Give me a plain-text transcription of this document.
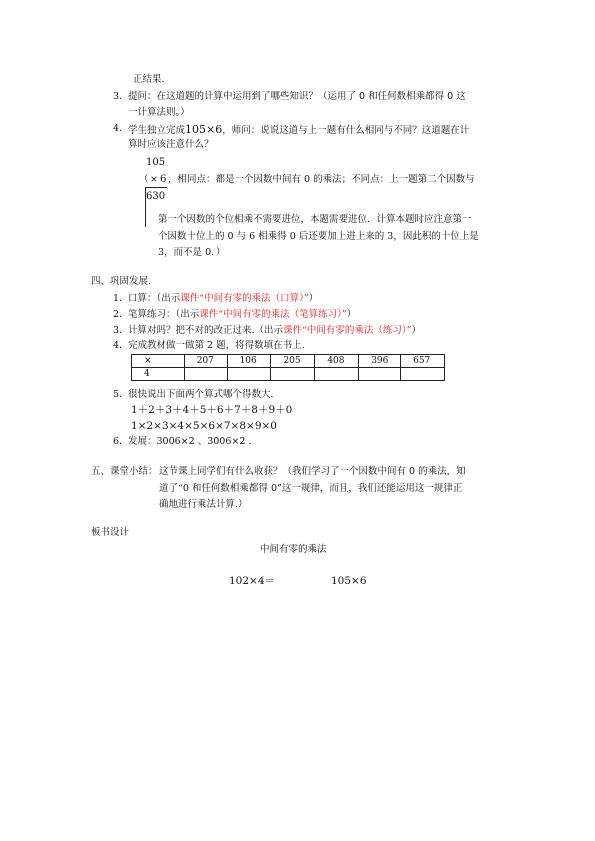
正结果.
3． 提问：在这道题的计算中运用到了哪些知识？（运用了 0 和任何数相乘都得 0 这
一计算法则。）
4． 学生独立完成105×6，师问：说说这道与上一题有什么相同与不同？这道题在计
算时应该注意什么？
105
（ × 6
630
，相同点：都是一个因数中间有 0 的乘法；不同点：上一题第二个因数与
第一个因数的个位相乘不需要进位，本题需要进位．计算本题时应注意第一
个因数十位上的 0 与 6 相乘得 0 后还要加上进上来的 3，因此积的十位上是
3，而不是 0．）
四、巩固发展.
1． 口算：（出示课件“中间有零的乘法（口算）”）
2． 笔算练习：（出示课件“中间有零的乘法（笔算练习）”）
3． 计算对吗？把不对的改正过来.（出示课件“中间有零的乘法（练习）”）
4． 完成教材做一做第 2 题，将得数填在书上.
×	207	106	205	408	396	657
4						
5． 很快说出下面两个算式哪个得数大.
1＋2＋3＋4＋5＋6＋7＋8＋9＋0
1×2×3×4×5×6×7×8×9×0
6． 发展：3006×2 、3006×2 .
五、课堂小结： 这节课上同学们有什么收获？（我们学习了一个因数中间有 0 的乘法，知
道了“0 和任何数相乘都得 0”这一规律，而且，我们还能运用这一规律正
确地进行乘法计算.）
板书设计
中间有零的乘法
102×4＝	105×6
